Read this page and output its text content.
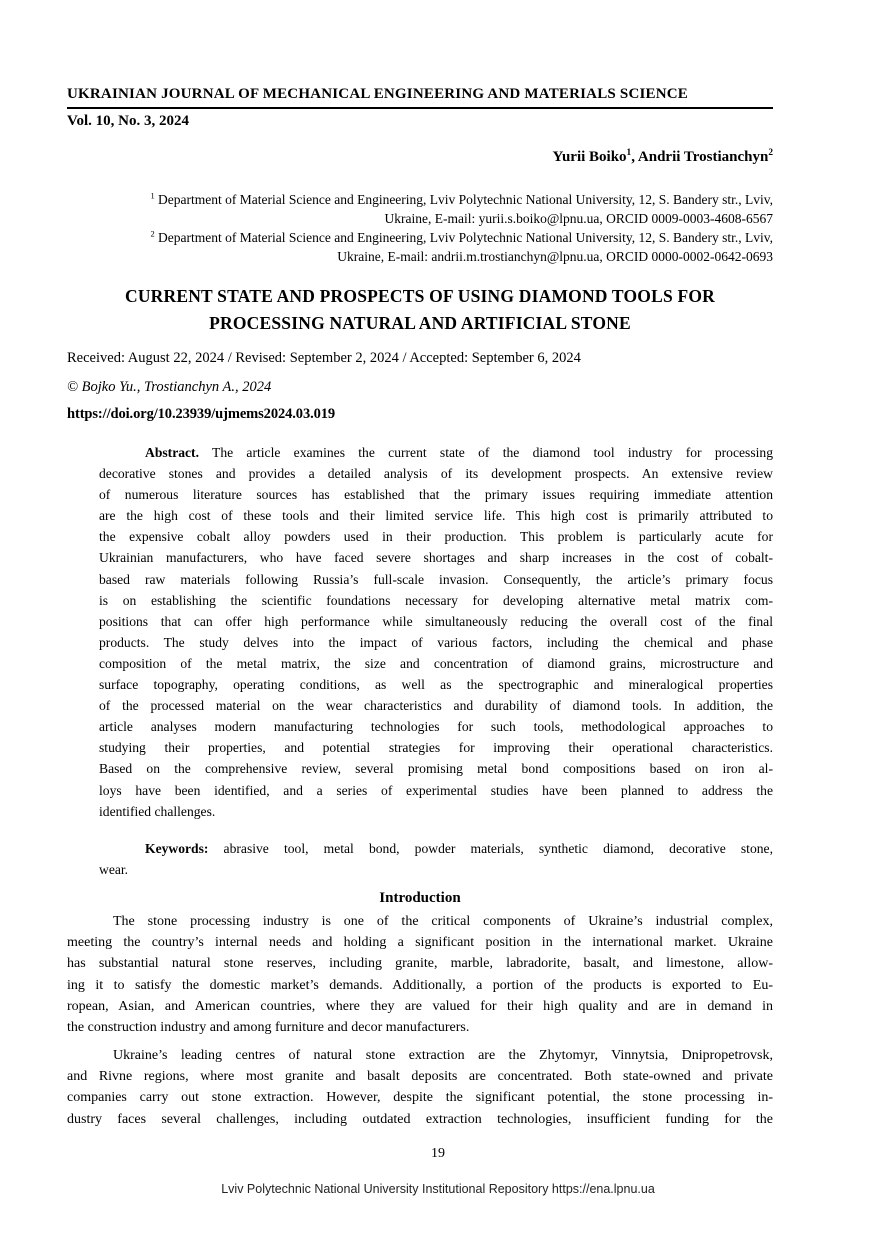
UKRAINIAN JOURNAL OF MECHANICAL ENGINEERING AND MATERIALS SCIENCE
Vol. 10, No. 3, 2024
Yurii Boiko$^1$, Andrii Trostianchyn$^2$
$^1$ Department of Material Science and Engineering, Lviv Polytechnic National University, 12, S. Bandery str., Lviv,
Ukraine, E-mail: yurii.s.boiko@lpnu.ua, ORCID 0009-0003-4608-6567
$^2$ Department of Material Science and Engineering, Lviv Polytechnic National University, 12, S. Bandery str., Lviv,
Ukraine, E-mail: andrii.m.trostianchyn@lpnu.ua, ORCID 0000-0002-0642-0693
CURRENT STATE AND PROSPECTS OF USING DIAMOND TOOLS FOR
PROCESSING NATURAL AND ARTIFICIAL STONE
Received: August 22, 2024 / Revised: September 2, 2024 / Accepted: September 6, 2024
© Bojko Yu., Trostianchyn A., 2024
https://doi.org/10.23939/ujmems2024.03.019
Abstract. The article examines the current state of the diamond tool industry for processing
decorative stones and provides a detailed analysis of its development prospects. An extensive review
of numerous literature sources has established that the primary issues requiring immediate attention
are the high cost of these tools and their limited service life. This high cost is primarily attributed to
the expensive cobalt alloy powders used in their production. This problem is particularly acute for
Ukrainian manufacturers, who have faced severe shortages and sharp increases in the cost of cobalt-
based raw materials following Russia’s full-scale invasion. Consequently, the article’s primary focus
is on establishing the scientific foundations necessary for developing alternative metal matrix com-
positions that can offer high performance while simultaneously reducing the overall cost of the final
products. The study delves into the impact of various factors, including the chemical and phase
composition of the metal matrix, the size and concentration of diamond grains, microstructure and
surface topography, operating conditions, as well as the spectrographic and mineralogical properties
of the processed material on the wear characteristics and durability of diamond tools. In addition, the
article analyses modern manufacturing technologies for such tools, methodological approaches to
studying their properties, and potential strategies for improving their operational characteristics.
Based on the comprehensive review, several promising metal bond compositions based on iron al-
loys have been identified, and a series of experimental studies have been planned to address the
identified challenges.
Keywords: abrasive tool, metal bond, powder materials, synthetic diamond, decorative stone,
wear.
Introduction
The stone processing industry is one of the critical components of Ukraine’s industrial complex,
meeting the country’s internal needs and holding a significant position in the international market. Ukraine
has substantial natural stone reserves, including granite, marble, labradorite, basalt, and limestone, allow-
ing it to satisfy the domestic market’s demands. Additionally, a portion of the products is exported to Eu-
ropean, Asian, and American countries, where they are valued for their high quality and are in demand in
the construction industry and among furniture and decor manufacturers.
Ukraine’s leading centres of natural stone extraction are the Zhytomyr, Vinnytsia, Dnipropetrovsk,
and Rivne regions, where most granite and basalt deposits are concentrated. Both state-owned and private
companies carry out stone extraction. However, despite the significant potential, the stone processing in-
dustry faces several challenges, including outdated extraction technologies, insufficient funding for the
19
Lviv Polytechnic National University Institutional Repository https://ena.lpnu.ua
